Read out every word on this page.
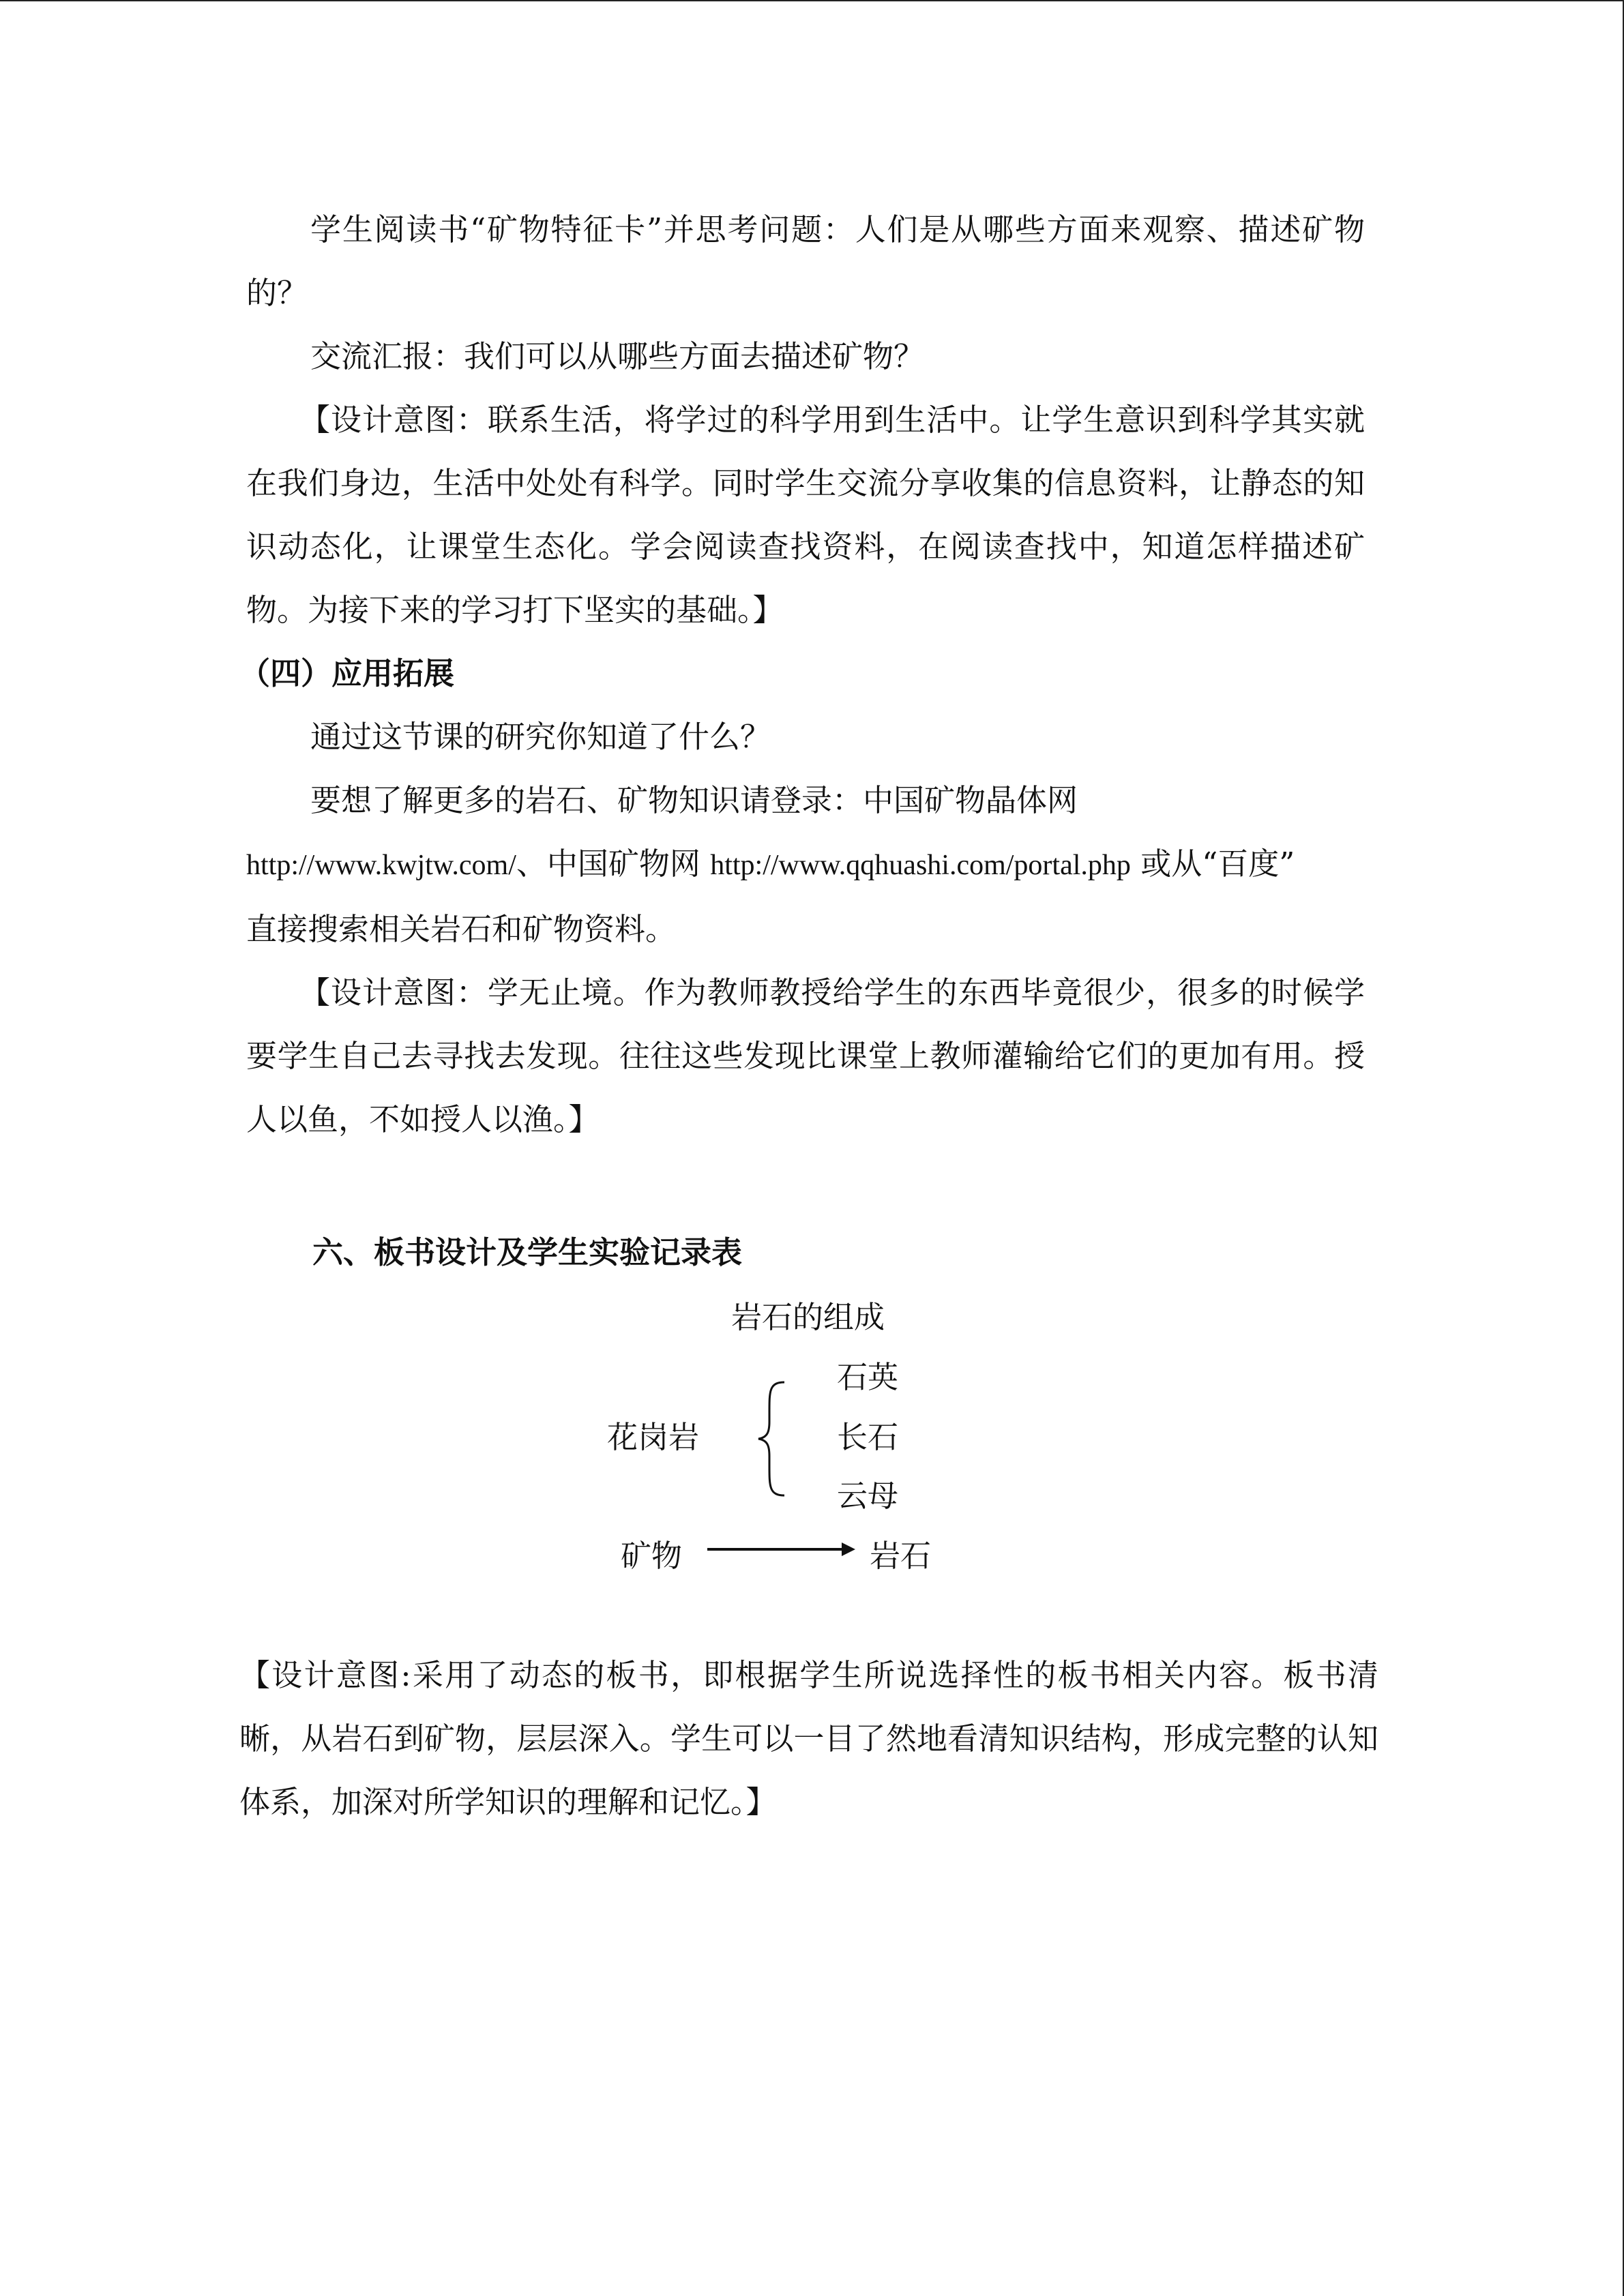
学生阅读书“矿物特征卡”并思考问题：人们是从哪些方面来观察、描述矿物的？

交流汇报：我们可以从哪些方面去描述矿物？

【设计意图：联系生活，将学过的科学用到生活中。让学生意识到科学其实就在我们身边，生活中处处有科学。同时学生交流分享收集的信息资料，让静态的知识动态化，让课堂生态化。学会阅读查找资料，在阅读查找中，知道怎样描述矿物。为接下来的学习打下坚实的基础。】

（四）应用拓展

通过这节课的研究你知道了什么？

要想了解更多的岩石、矿物知识请登录：中国矿物晶体网

http://www.kwjtw.com/、中国矿物网 http://www.qqhuashi.com/portal.php 或从“百度”

直接搜索相关岩石和矿物资料。

【设计意图：学无止境。作为教师教授给学生的东西毕竟很少，很多的时候学要学生自己去寻找去发现。往往这些发现比课堂上教师灌输给它们的更加有用。授人以鱼，不如授人以渔。】

六、板书设计及学生实验记录表

岩石的组成

石英

花岗岩	长石

云母

矿物	岩石

【设计意图:采用了动态的板书，即根据学生所说选择性的板书相关内容。板书清晰，从岩石到矿物，层层深入。学生可以一目了然地看清知识结构，形成完整的认知体系，加深对所学知识的理解和记忆。】
